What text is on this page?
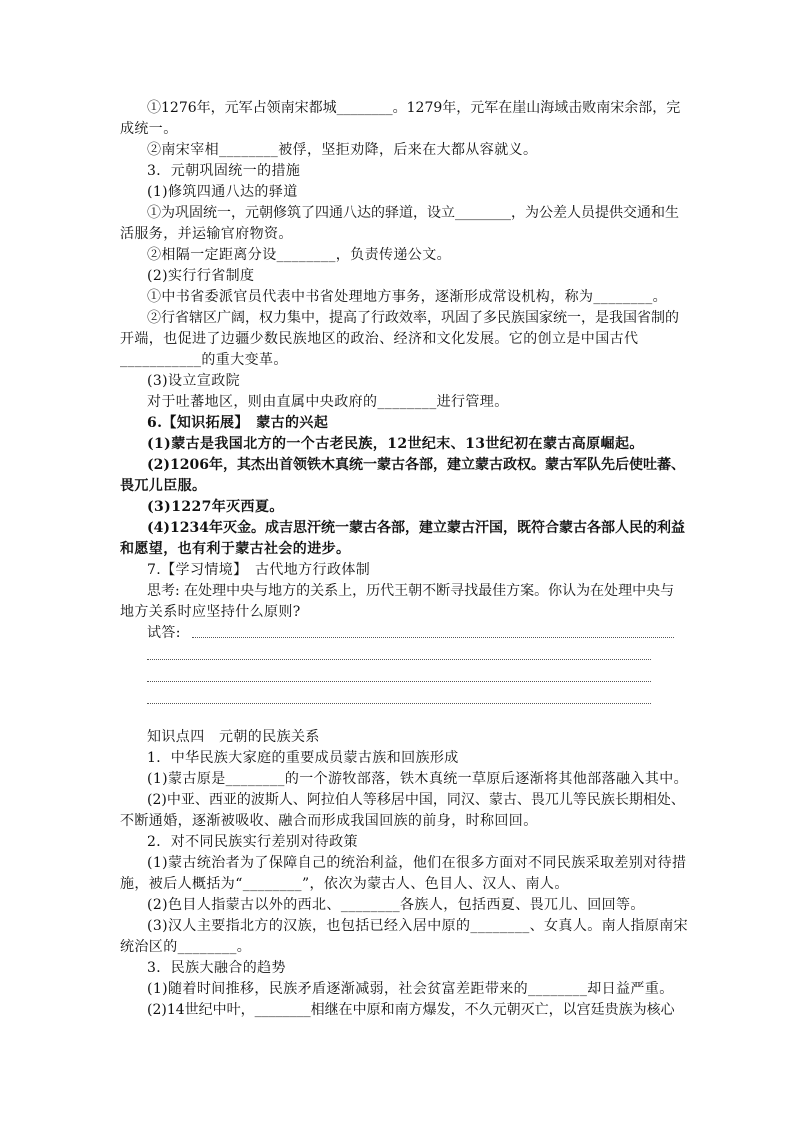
①1276年，元军占领南宋都城________。1279年，元军在崖山海域击败南宋余部，完
成统一。
②南宋宰相________被俘，坚拒劝降，后来在大都从容就义。
3．元朝巩固统一的措施
(1)修筑四通八达的驿道
①为巩固统一，元朝修筑了四通八达的驿道，设立________，为公差人员提供交通和生
活服务，并运输官府物资。
②相隔一定距离分设________，负责传递公文。
(2)实行行省制度
①中书省委派官员代表中书省处理地方事务，逐渐形成常设机构，称为________。
②行省辖区广阔，权力集中，提高了行政效率，巩固了多民族国家统一，是我国省制的
开端，也促进了边疆少数民族地区的政治、经济和文化发展。它的创立是中国古代
___________的重大变革。
(3)设立宣政院
对于吐蕃地区，则由直属中央政府的________进行管理。
6.【知识拓展】　蒙古的兴起
(1)蒙古是我国北方的一个古老民族，12世纪末、13世纪初在蒙古高原崛起。
(2)1206年，其杰出首领铁木真统一蒙古各部，建立蒙古政权。蒙古军队先后使吐蕃、
畏兀儿臣服。
(3)1227年灭西夏。
(4)1234年灭金。成吉思汗统一蒙古各部，建立蒙古汗国，既符合蒙古各部人民的利益
和愿望，也有利于蒙古社会的进步。
7.【学习情境】　古代地方行政体制
思考: 在处理中央与地方的关系上，历代王朝不断寻找最佳方案。你认为在处理中央与
地方关系时应坚持什么原则?
试答:
知识点四　元朝的民族关系
1．中华民族大家庭的重要成员蒙古族和回族形成
(1)蒙古原是________的一个游牧部落，铁木真统一草原后逐渐将其他部落融入其中。
(2)中亚、西亚的波斯人、阿拉伯人等移居中国，同汉、蒙古、畏兀儿等民族长期相处、
不断通婚，逐渐被吸收、融合而形成我国回族的前身，时称回回。
2．对不同民族实行差别对待政策
(1)蒙古统治者为了保障自己的统治利益，他们在很多方面对不同民族采取差别对待措
施，被后人概括为“________”，依次为蒙古人、色目人、汉人、南人。
(2)色目人指蒙古以外的西北、________各族人，包括西夏、畏兀儿、回回等。
(3)汉人主要指北方的汉族，也包括已经入居中原的________、女真人。南人指原南宋
统治区的________。
3．民族大融合的趋势
(1)随着时间推移，民族矛盾逐渐减弱，社会贫富差距带来的________却日益严重。
(2)14世纪中叶，________相继在中原和南方爆发，不久元朝灭亡，以宫廷贵族为核心
